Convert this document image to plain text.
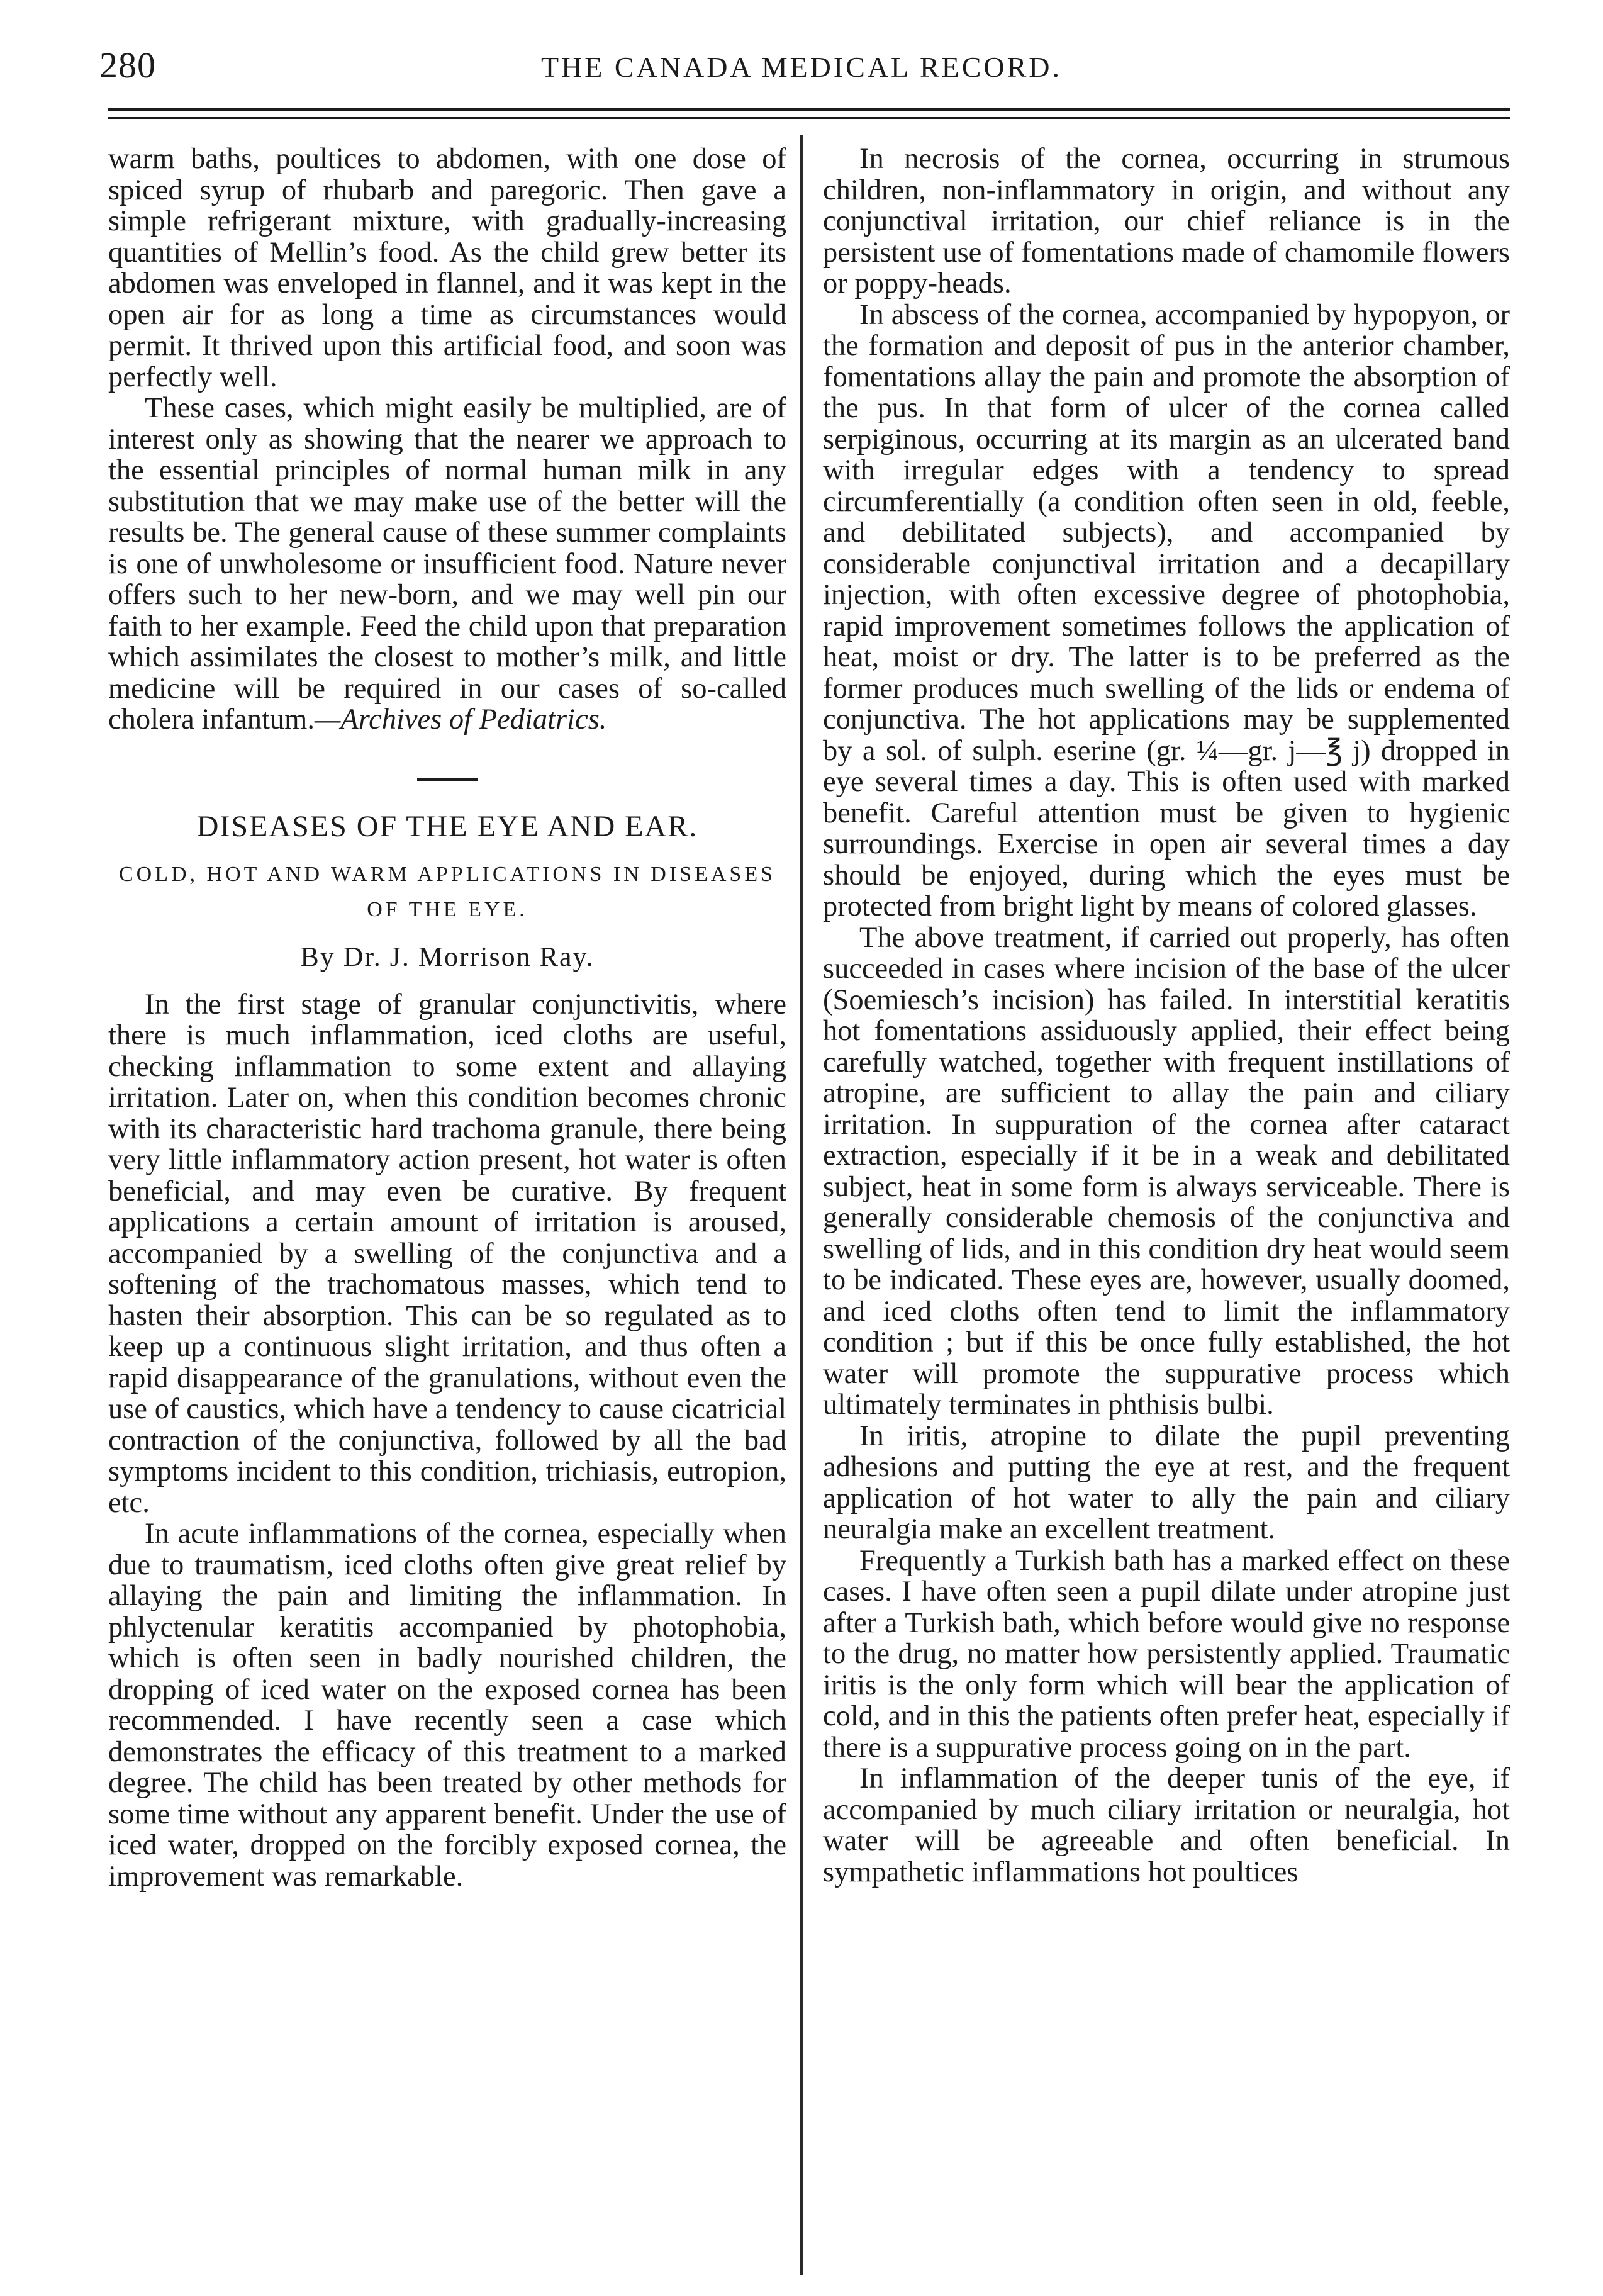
280	THE CANADA MEDICAL RECORD.

warm baths, poultices to abdomen, with one dose of spiced syrup of rhubarb and paregoric. Then gave a simple refrigerant mixture, with gradually-increasing quantities of Mellin’s food. As the child grew better its abdomen was enveloped in flannel, and it was kept in the open air for as long a time as circumstances would permit. It thrived upon this artificial food, and soon was perfectly well.

These cases, which might easily be multiplied, are of interest only as showing that the nearer we approach to the essential principles of normal human milk in any substitution that we may make use of the better will the results be. The general cause of these summer complaints is one of unwholesome or insufficient food. Nature never offers such to her new-born, and we may well pin our faith to her example. Feed the child upon that preparation which assimilates the closest to mother’s milk, and little medicine will be required in our cases of so-called cholera infantum.—Archives of Pediatrics.

DISEASES OF THE EYE AND EAR.
COLD, HOT AND WARM APPLICATIONS IN DISEASES OF THE EYE.
By Dr. J. Morrison Ray.

In the first stage of granular conjunctivitis, where there is much inflammation, iced cloths are useful, checking inflammation to some extent and allaying irritation. Later on, when this condition becomes chronic with its characteristic hard trachoma granule, there being very little inflammatory action present, hot water is often beneficial, and may even be curative. By frequent applications a certain amount of irritation is aroused, accompanied by a swelling of the conjunctiva and a softening of the trachomatous masses, which tend to hasten their absorption. This can be so regulated as to keep up a continuous slight irritation, and thus often a rapid disappearance of the granulations, without even the use of caustics, which have a tendency to cause cicatricial contraction of the conjunctiva, followed by all the bad symptoms incident to this condition, trichiasis, eutropion, etc.

In acute inflammations of the cornea, especially when due to traumatism, iced cloths often give great relief by allaying the pain and limiting the inflammation. In phlyctenular keratitis accompanied by photophobia, which is often seen in badly nourished children, the dropping of iced water on the exposed cornea has been recommended. I have recently seen a case which demonstrates the efficacy of this treatment to a marked degree. The child has been treated by other methods for some time without any apparent benefit. Under the use of iced water, dropped on the forcibly exposed cornea, the improvement was remarkable.

In necrosis of the cornea, occurring in strumous children, non-inflammatory in origin, and without any conjunctival irritation, our chief reliance is in the persistent use of fomentations made of chamomile flowers or poppy-heads.

In abscess of the cornea, accompanied by hypopyon, or the formation and deposit of pus in the anterior chamber, fomentations allay the pain and promote the absorption of the pus. In that form of ulcer of the cornea called serpiginous, occurring at its margin as an ulcerated band with irregular edges with a tendency to spread circumferentially (a condition often seen in old, feeble, and debilitated subjects), and accompanied by considerable conjunctival irritation and a decapillary injection, with often excessive degree of photophobia, rapid improvement sometimes follows the application of heat, moist or dry. The latter is to be preferred as the former produces much swelling of the lids or endema of conjunctiva. The hot applications may be supplemented by a sol. of sulph. eserine (gr. ¼—gr. j—℥ j) dropped in eye several times a day. This is often used with marked benefit. Careful attention must be given to hygienic surroundings. Exercise in open air several times a day should be enjoyed, during which the eyes must be protected from bright light by means of colored glasses.

The above treatment, if carried out properly, has often succeeded in cases where incision of the base of the ulcer (Soemiesch’s incision) has failed. In interstitial keratitis hot fomentations assiduously applied, their effect being carefully watched, together with frequent instillations of atropine, are sufficient to allay the pain and ciliary irritation. In suppuration of the cornea after cataract extraction, especially if it be in a weak and debilitated subject, heat in some form is always serviceable. There is generally considerable chemosis of the conjunctiva and swelling of lids, and in this condition dry heat would seem to be indicated. These eyes are, however, usually doomed, and iced cloths often tend to limit the inflammatory condition ; but if this be once fully established, the hot water will promote the suppurative process which ultimately terminates in phthisis bulbi.

In iritis, atropine to dilate the pupil preventing adhesions and putting the eye at rest, and the frequent application of hot water to ally the pain and ciliary neuralgia make an excellent treatment.

Frequently a Turkish bath has a marked effect on these cases. I have often seen a pupil dilate under atropine just after a Turkish bath, which before would give no response to the drug, no matter how persistently applied. Traumatic iritis is the only form which will bear the application of cold, and in this the patients often prefer heat, especially if there is a suppurative process going on in the part.

In inflammation of the deeper tunis of the eye, if accompanied by much ciliary irritation or neuralgia, hot water will be agreeable and often beneficial. In sympathetic inflammations hot poultices
